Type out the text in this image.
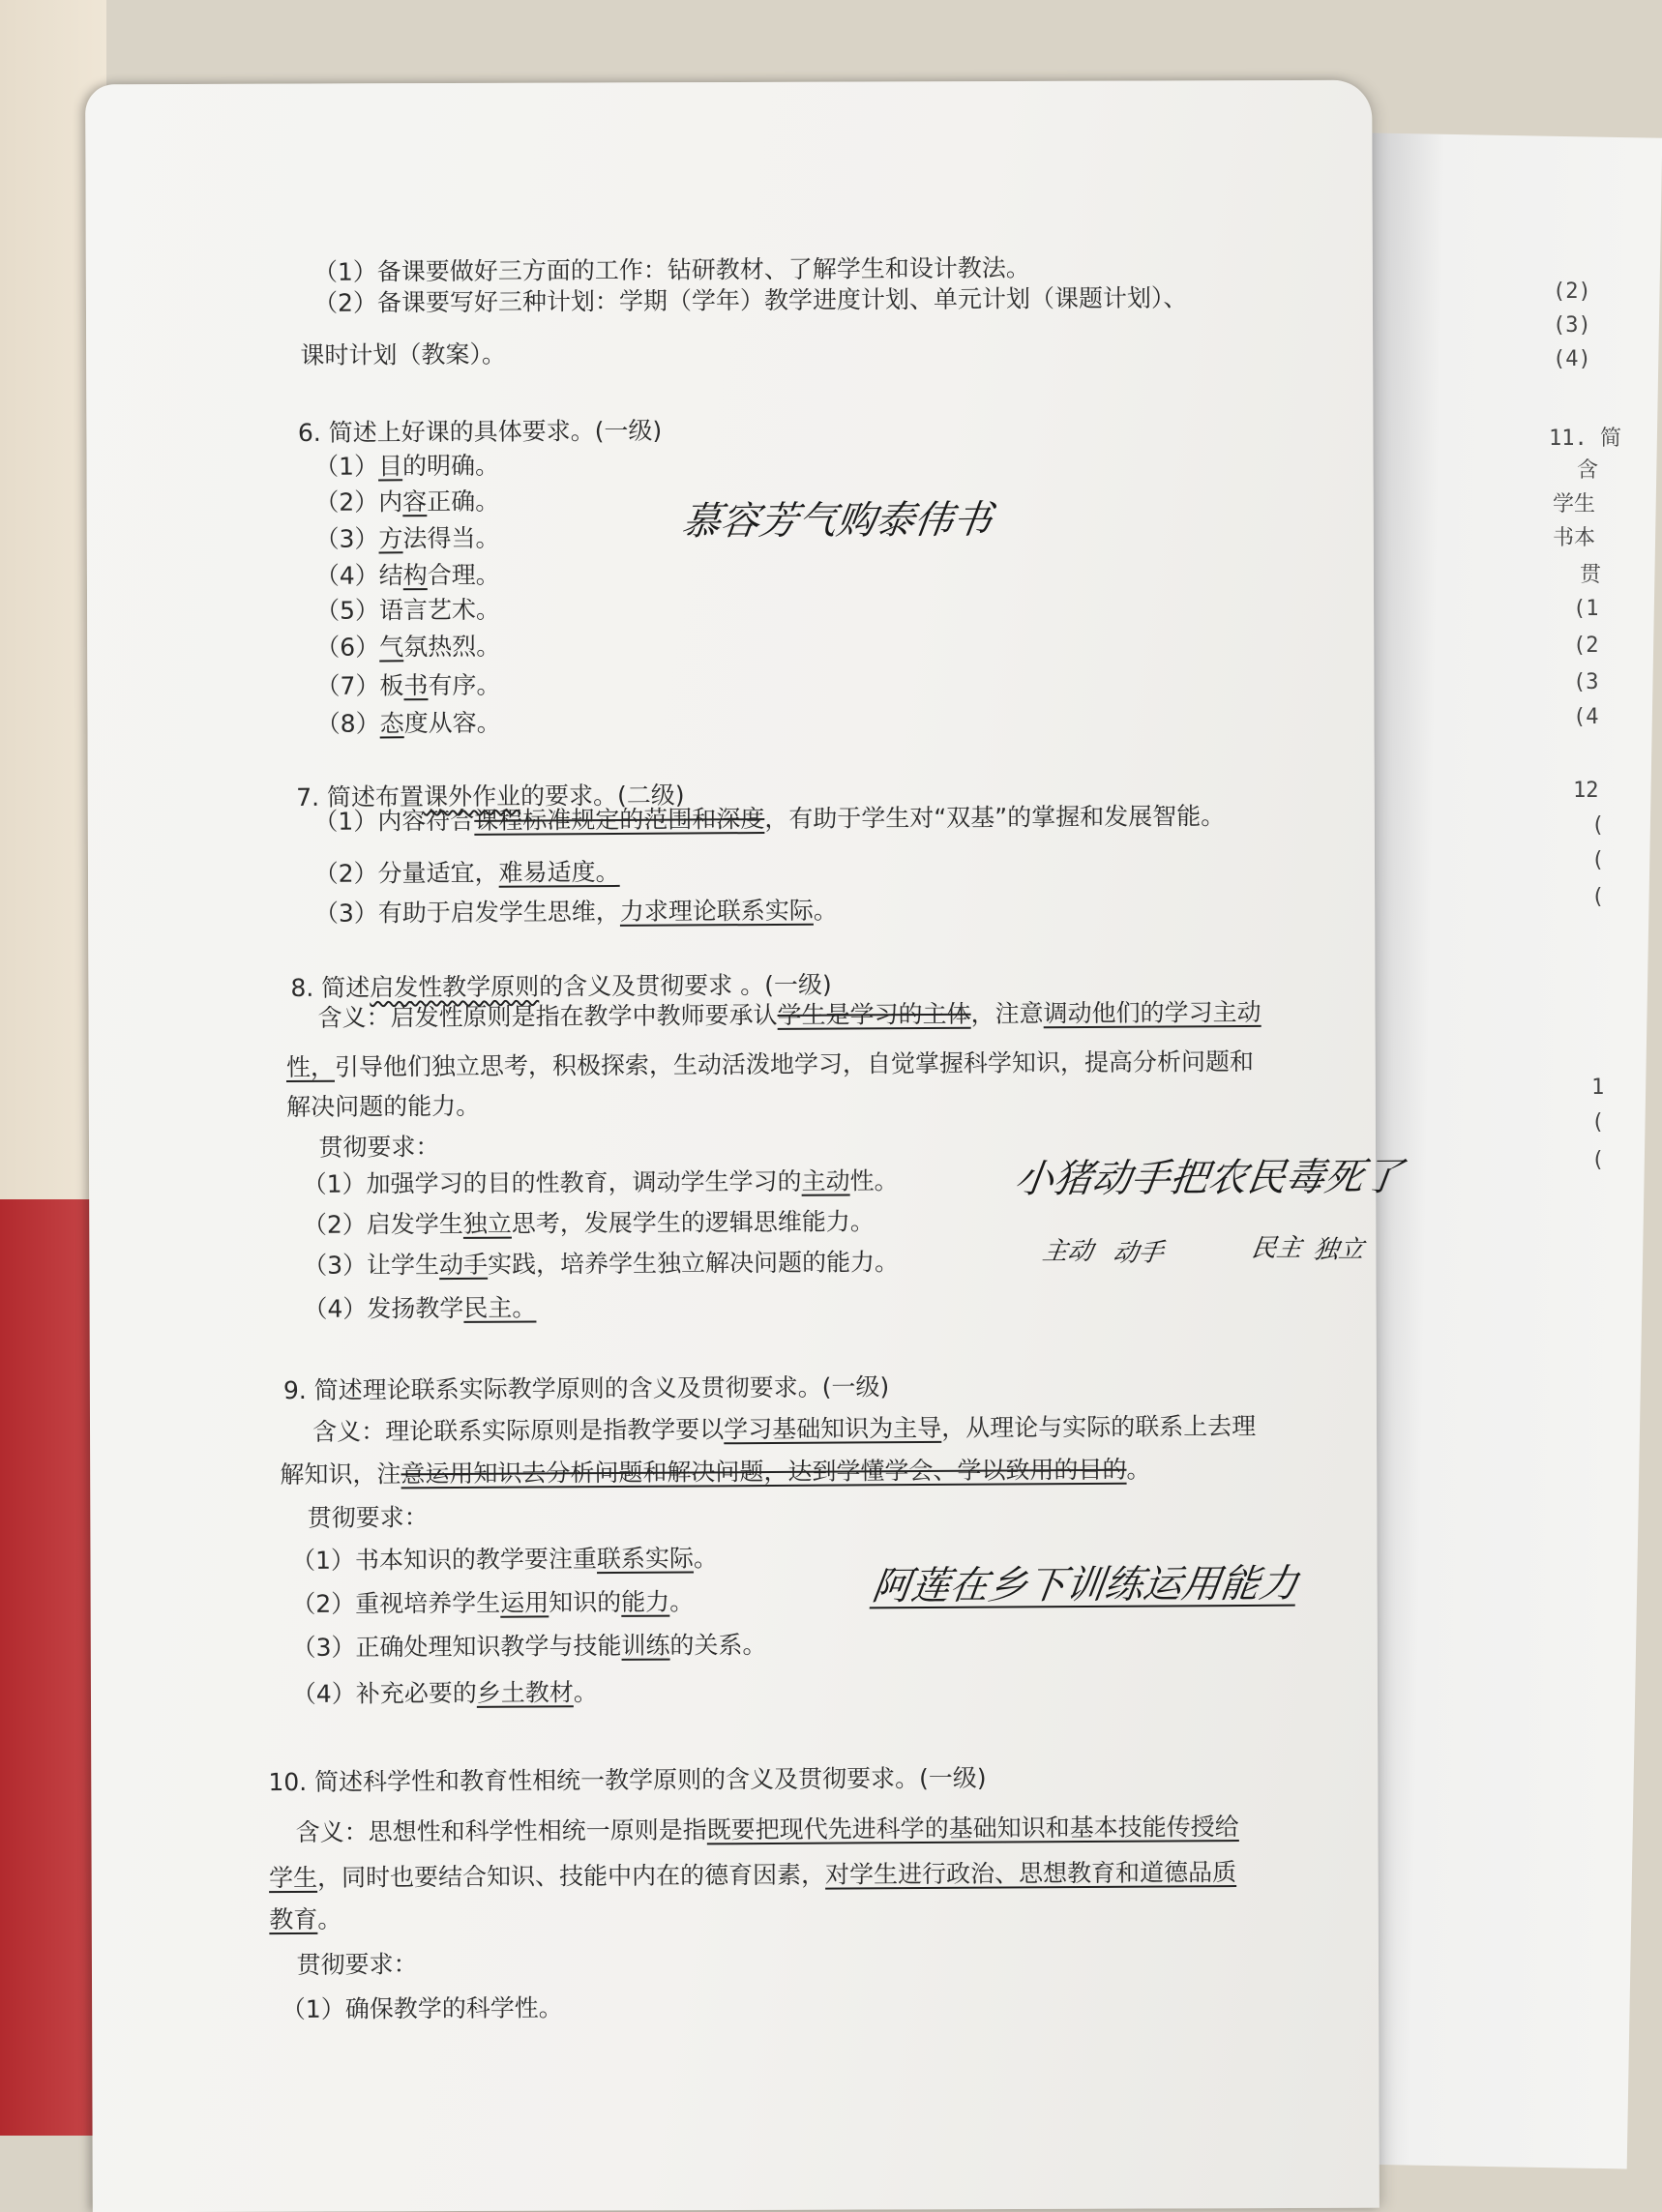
慕容芳气购泰伟书
小猪动手把农民毒死了
主动 动手	民主 独立
阿莲在乡下训练运用能力
（1）备课要做好三方面的工作：钻研教材、了解学生和设计教法。
（2）备课要写好三种计划：学期（学年）教学进度计划、单元计划（课题计划）、
课时计划（教案）。
6. 简述上好课的具体要求。(一级)
（1）目的明确。
（2）内容正确。
（3）方法得当。
（4）结构合理。
（5）语言艺术。
（6）气氛热烈。
（7）板书有序。
（8）态度从容。
7. 简述布置课外作业的要求。(二级)
（1）内容符合课程标准规定的范围和深度，有助于学生对“双基”的掌握和发展智能。
（2）分量适宜，难易适度。
（3）有助于启发学生思维，力求理论联系实际。
8. 简述启发性教学原则的含义及贯彻要求 。(一级)
含义：启发性原则是指在教学中教师要承认学生是学习的主体，注意调动他们的学习主动
性，引导他们独立思考，积极探索，生动活泼地学习，自觉掌握科学知识，提高分析问题和
解决问题的能力。
贯彻要求：
（1）加强学习的目的性教育，调动学生学习的主动性。
（2）启发学生独立思考，发展学生的逻辑思维能力。
（3）让学生动手实践，培养学生独立解决问题的能力。
（4）发扬教学民主。
9. 简述理论联系实际教学原则的含义及贯彻要求。(一级)
含义：理论联系实际原则是指教学要以学习基础知识为主导，从理论与实际的联系上去理
解知识，注意运用知识去分析问题和解决问题，达到学懂学会、学以致用的目的。
贯彻要求：
（1）书本知识的教学要注重联系实际。
（2）重视培养学生运用知识的能力。
（3）正确处理知识教学与技能训练的关系。
（4）补充必要的乡土教材。
10. 简述科学性和教育性相统一教学原则的含义及贯彻要求。(一级)
含义：思想性和科学性相统一原则是指既要把现代先进科学的基础知识和基本技能传授给
学生，同时也要结合知识、技能中内在的德育因素，对学生进行政治、思想教育和道德品质
教育。
贯彻要求：
（1）确保教学的科学性。
(2)
(3)
(4)
11. 简
含
学生
书本
贯
(1
(2
(3
(4
12
(
(
(
1
(
(
